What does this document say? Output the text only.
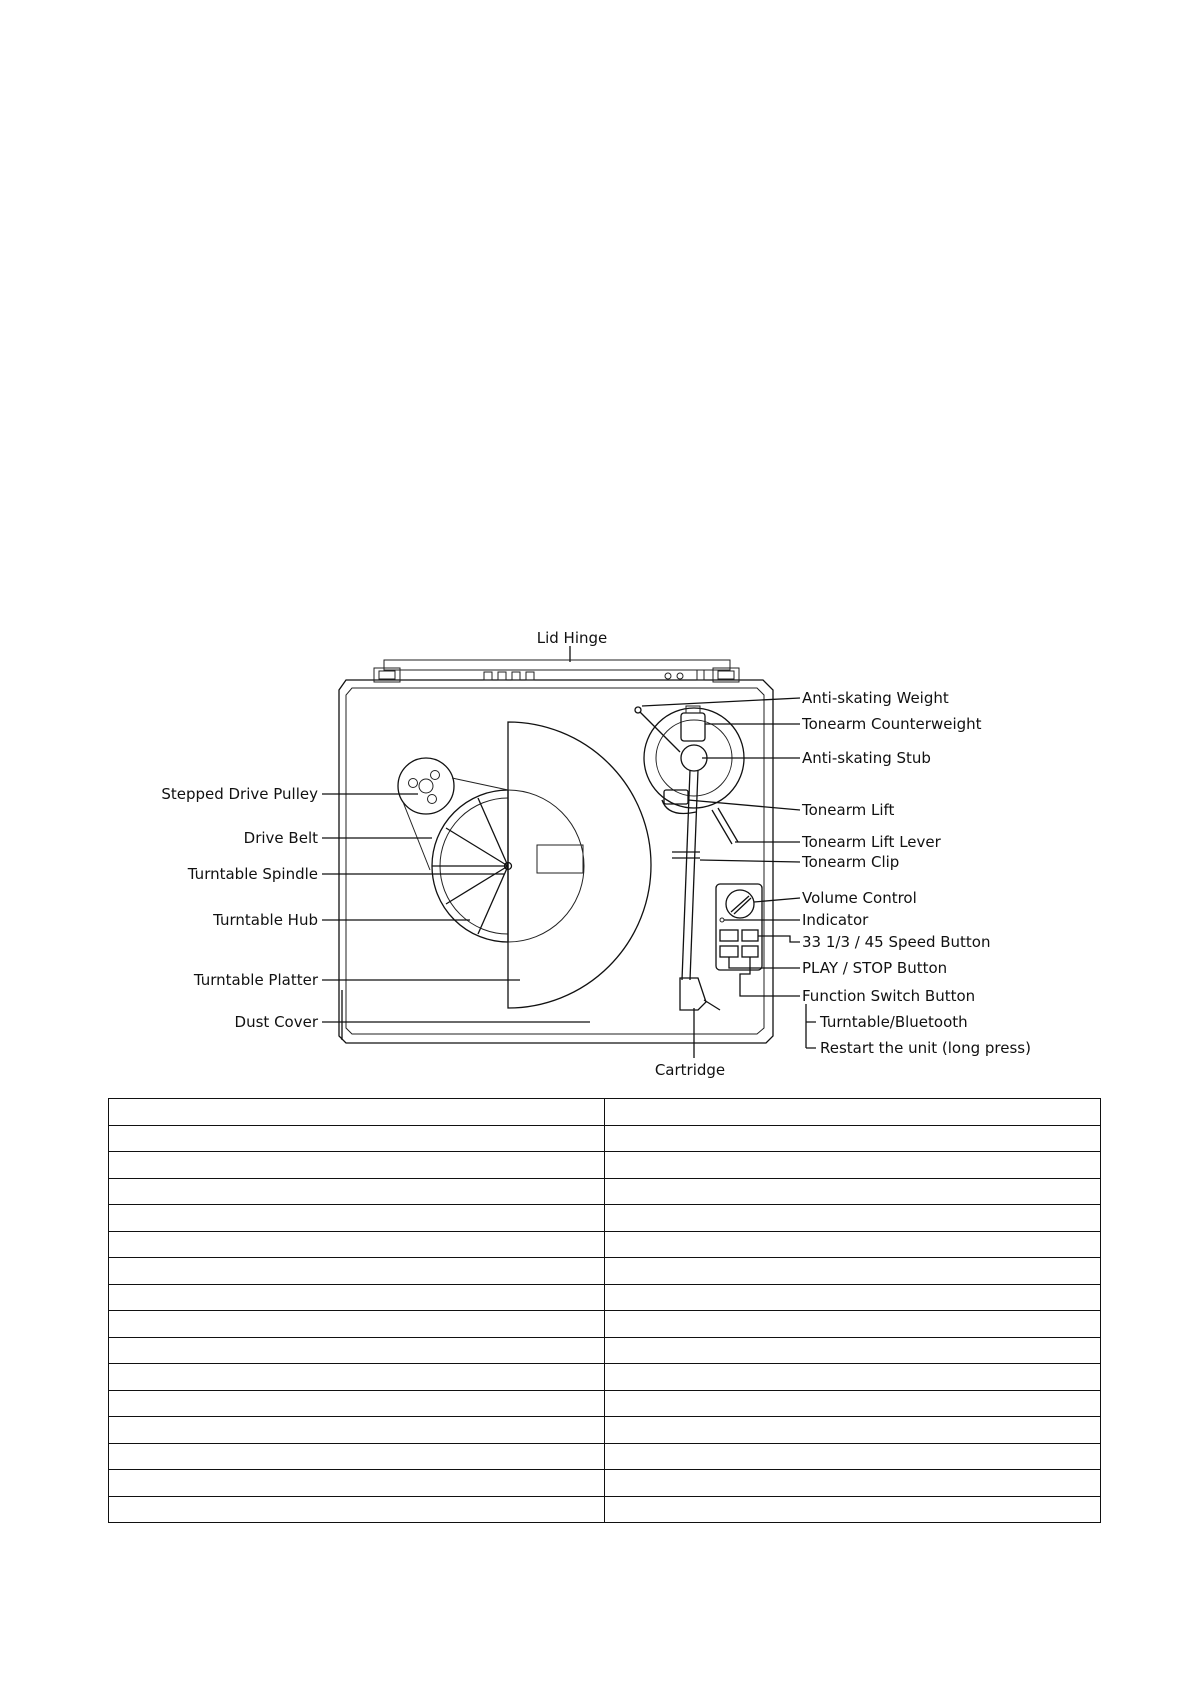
Lid Hinge
Anti-skating Weight
Tonearm Counterweight
Anti-skating Stub
Tonearm Lift
Tonearm Lift Lever
Tonearm Clip
Volume Control
Indicator
33 1/3 / 45 Speed Button
PLAY / STOP Button
Function Switch Button
Turntable/Bluetooth
Restart the unit (long press)
Stepped Drive Pulley
Drive Belt
Turntable Spindle
Turntable Hub
Turntable Platter
Dust Cover
Cartridge
